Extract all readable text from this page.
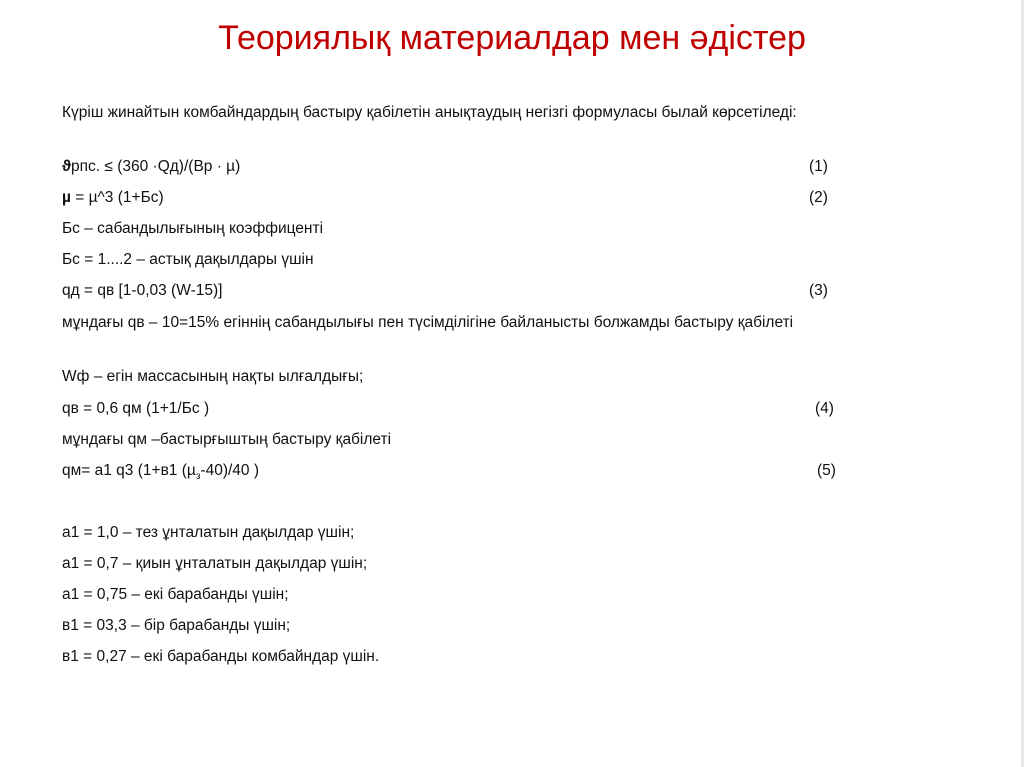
Теориялық материалдар мен әдістер
Күріш жинайтын комбайндардың бастыру қабілетін анықтаудың негізгі формуласы былай көрсетіледі:
ϑрпс. ≤ (360 ·Qд)/(Вр · µ)	(1)
µ = µ^3 (1+Бс)	(2)
Бс – сабандылығының коэффиценті
Бс = 1....2 – астық дақылдары үшін
qд = qв [1-0,03 (W-15)]	(3)
мұндағы qв – 10=15% егіннің сабандылығы пен түсімділігіне байланысты болжамды бастыру қабілеті
Wф – егін массасының нақты ылғалдығы;
qв = 0,6 qм (1+1/Бс )	(4)
мұндағы qм –бастырғыштың бастыру қабілеті
qм= а1 q3 (1+в1 (µ$_з$-40)/40 )	(5)
а1 = 1,0 – тез ұнталатын дақылдар үшін;
а1 = 0,7 – қиын ұнталатын дақылдар үшін;
а1 = 0,75 – екі барабанды үшін;
в1 = 03,3 – бір барабанды үшін;
в1 = 0,27 – екі барабанды комбайндар үшін.
